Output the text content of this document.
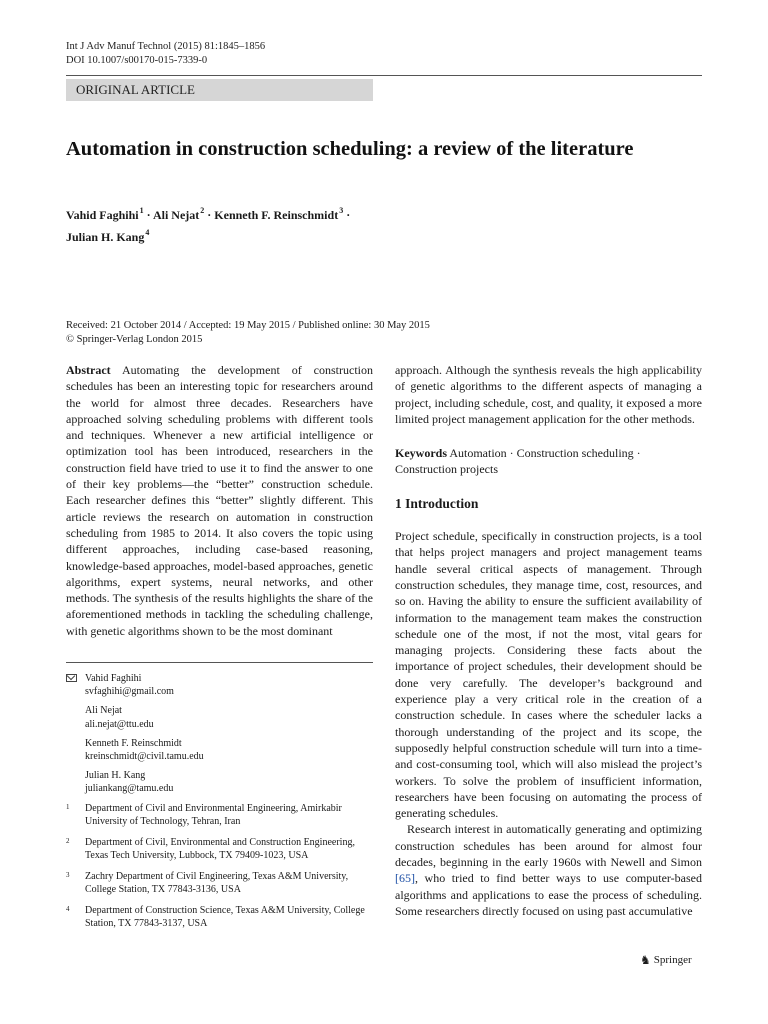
Int J Adv Manuf Technol (2015) 81:1845–1856
DOI 10.1007/s00170-015-7339-0
ORIGINAL ARTICLE
Automation in construction scheduling: a review of the literature
Vahid Faghihi$^1$ · Ali Nejat$^2$ · Kenneth F. Reinschmidt$^3$ ·
Julian H. Kang$^4$
Received: 21 October 2014 / Accepted: 19 May 2015 / Published online: 30 May 2015
© Springer-Verlag London 2015
Abstract Automating the development of construction schedules has been an interesting topic for researchers around the world for almost three decades. Researchers have approached solving scheduling problems with different tools and techniques. Whenever a new artificial intelligence or optimization tool has been introduced, researchers in the construction field have tried to use it to find the answer to one of their key problems—the “better” construction schedule. Each researcher defines this “better” slightly different. This article reviews the research on automation in construction scheduling from 1985 to 2014. It also covers the topic using different approaches, including case-based reasoning, knowledge-based approaches, model-based approaches, genetic algorithms, expert systems, neural networks, and other methods. The synthesis of the results highlights the share of the aforementioned methods in tackling the scheduling challenge, with genetic algorithms shown to be the most dominant
approach. Although the synthesis reveals the high applicability of genetic algorithms to the different aspects of managing a project, including schedule, cost, and quality, it exposed a more limited project management application for the other methods.
Keywords Automation · Construction scheduling · Construction projects
1 Introduction
Project schedule, specifically in construction projects, is a tool that helps project managers and project management teams handle several critical aspects of management. Through construction schedules, they manage time, cost, resources, and so on. Having the ability to ensure the sufficient availability of information to the management team makes the construction schedule one of the most, if not the most, vital gears for managing projects. Considering these facts about the importance of project schedules, their development should be done very carefully. The developer’s background and experience play a very critical role in the creation of a construction schedule. In cases where the scheduler lacks a thorough understanding of the project and its scope, the supposedly helpful construction schedule will turn into a time- and cost-consuming tool, which will also mislead the project’s workers. To solve the problem of insufficient information, researchers have been focusing on automating the process of generating schedules.
Research interest in automatically generating and optimizing construction schedules has been around for almost four decades, beginning in the early 1960s with Newell and Simon [65], who tried to find better ways to use computer-based algorithms and applications to ease the process of scheduling. Some researchers directly focused on using past accumulative
Vahid Faghihi
svfaghihi@gmail.com
Ali Nejat
ali.nejat@ttu.edu
Kenneth F. Reinschmidt
kreinschmidt@civil.tamu.edu
Julian H. Kang
juliankang@tamu.edu
1	Department of Civil and Environmental Engineering, Amirkabir University of Technology, Tehran, Iran
2	Department of Civil, Environmental and Construction Engineering, Texas Tech University, Lubbock, TX 79409-1023, USA
3	Zachry Department of Civil Engineering, Texas A&M University, College Station, TX 77843-3136, USA
4	Department of Construction Science, Texas A&M University, College Station, TX 77843-3137, USA
♞ Springer
